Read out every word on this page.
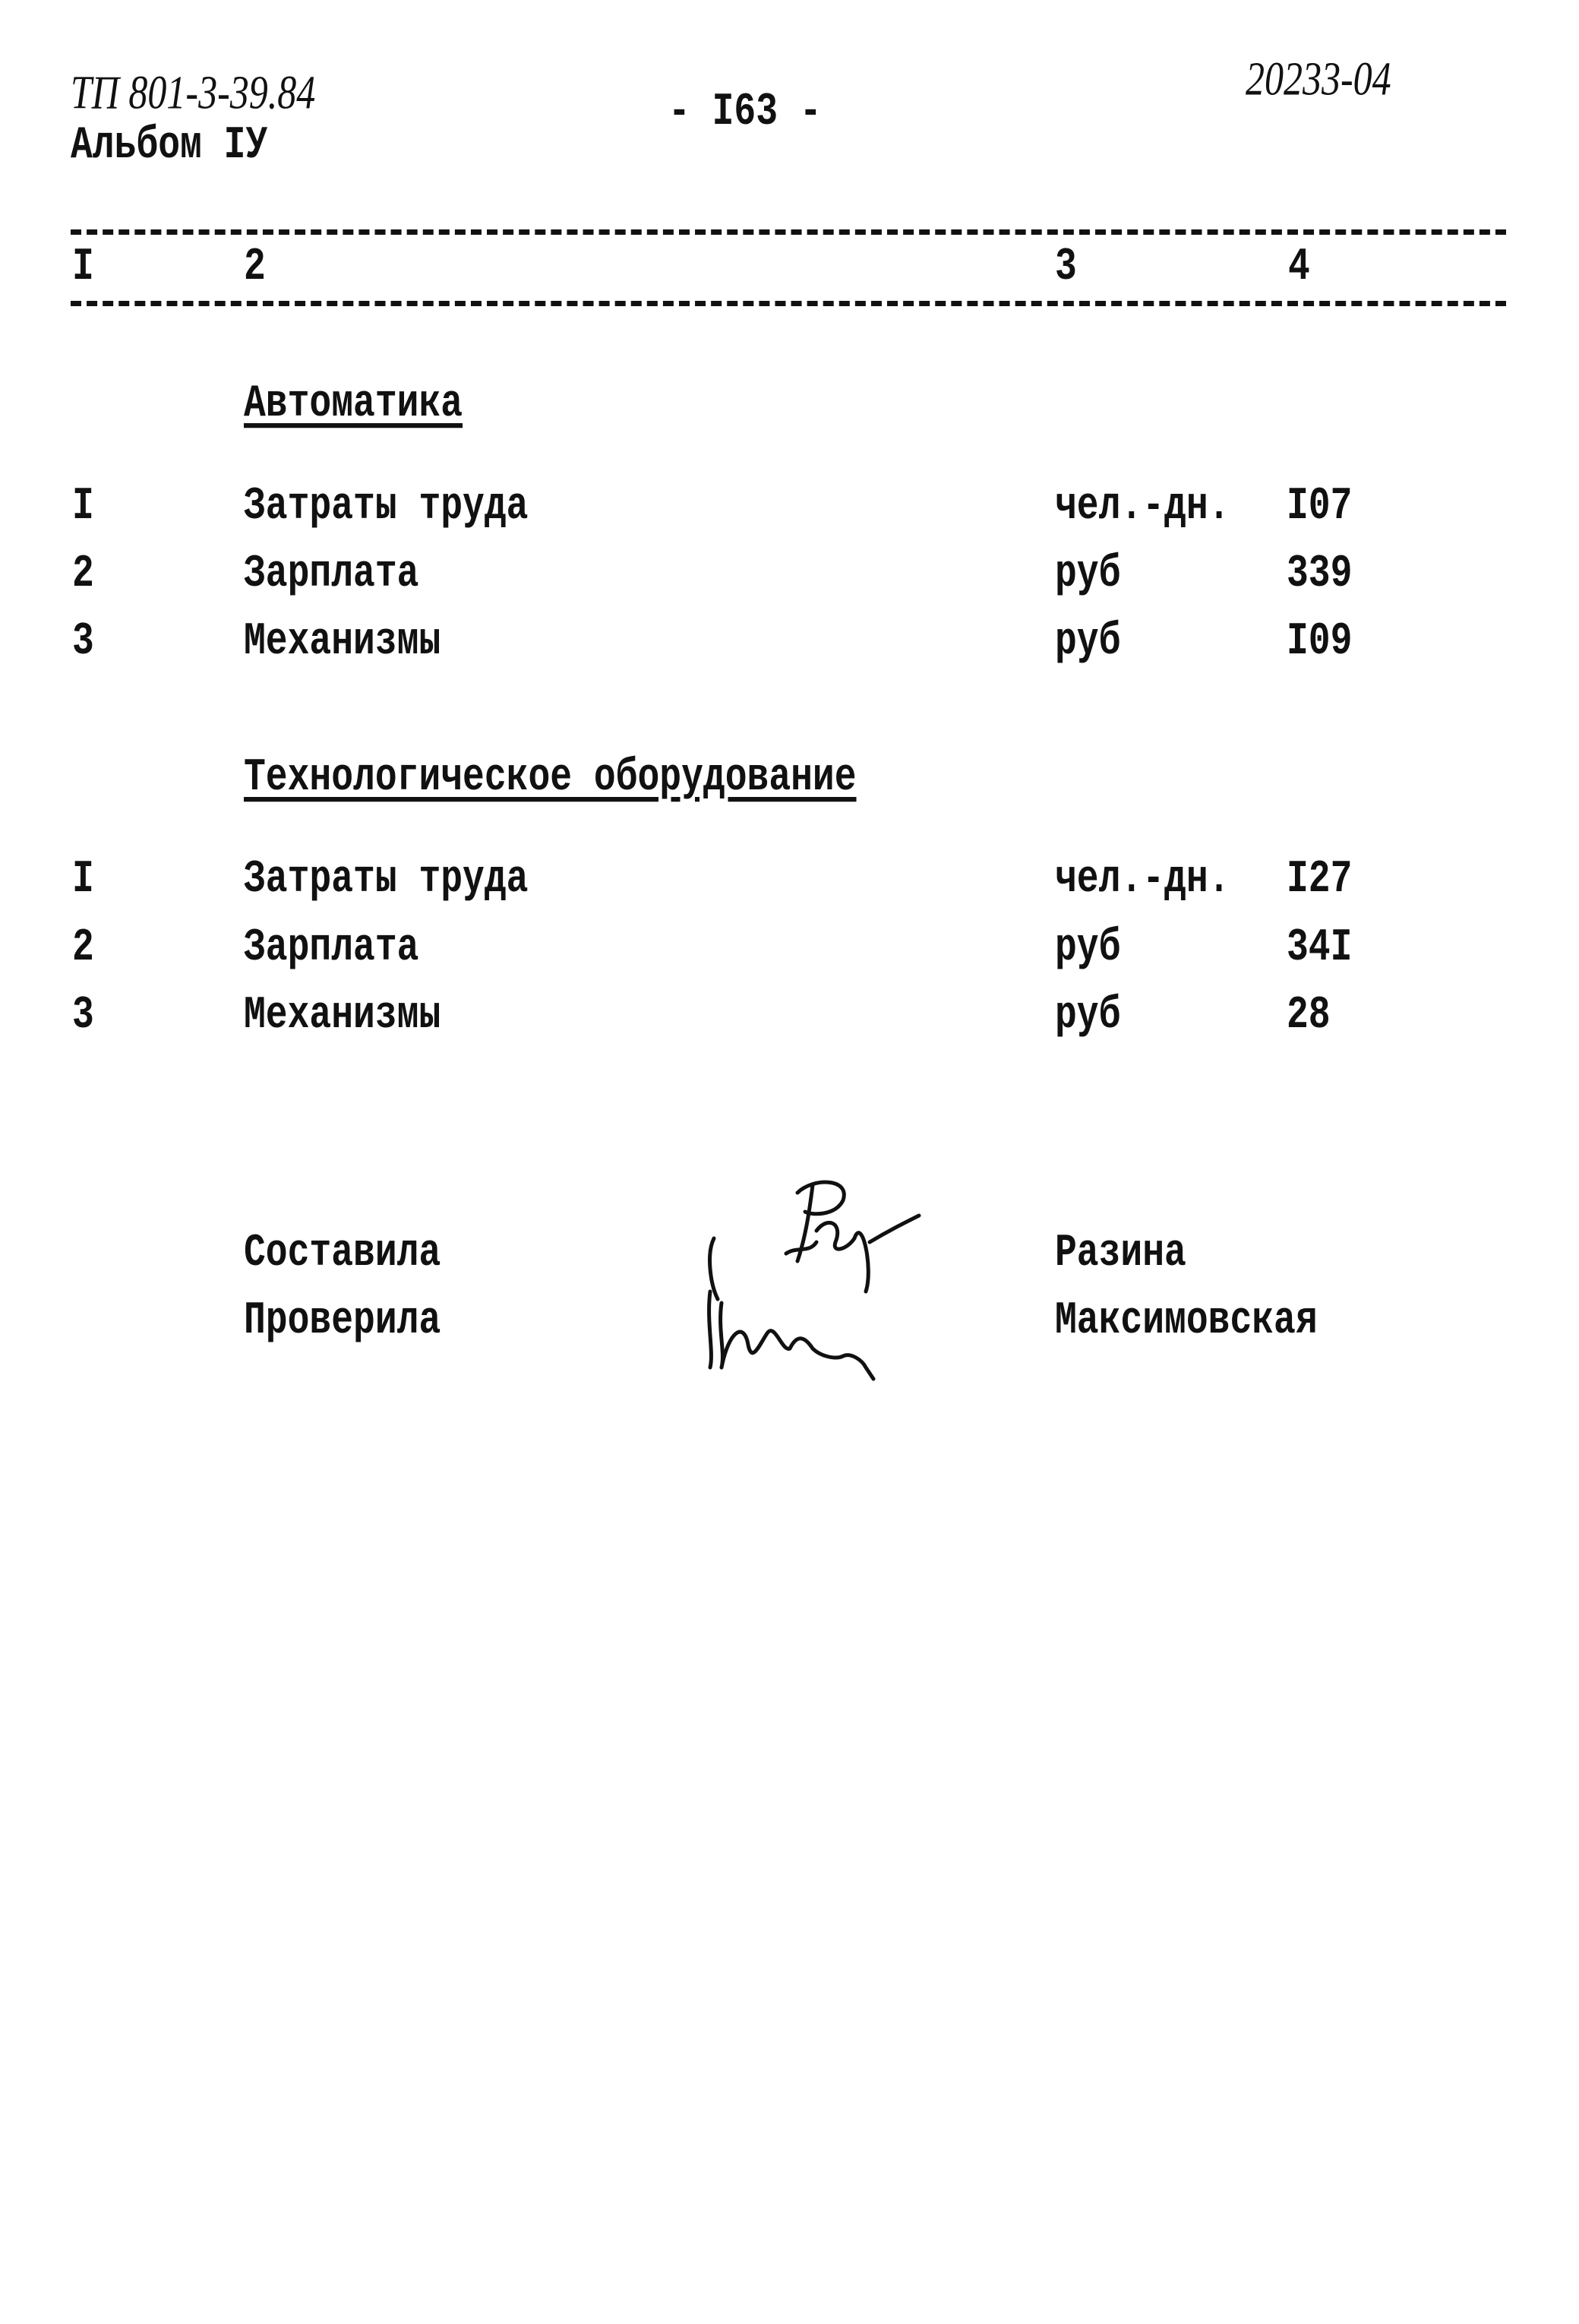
ТП 801-3-39.84
Альбом IУ
- I63 -
20233-04
I	2	3	4
Автоматика
I	Затраты труда	чел.-дн. I07
2	Зарплата	руб	339
3	Механизмы	руб	I09
Технологическое оборудование
I	Затраты труда	чел.-дн. I27
2	Зарплата	руб	34I
3	Механизмы	руб	28
Составила	Разина
Проверила	Максимовская
